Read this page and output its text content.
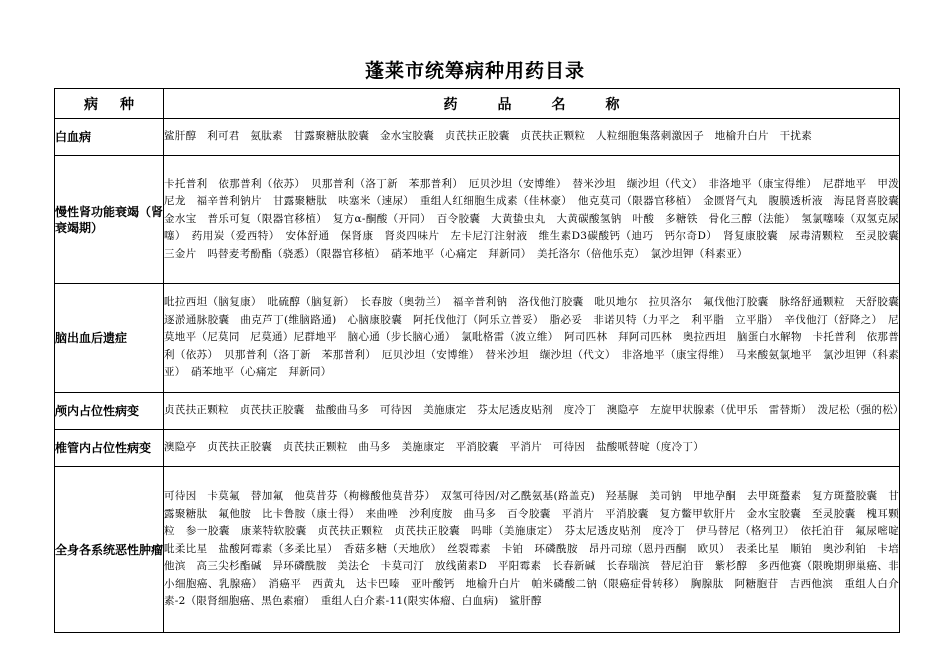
蓬莱市统筹病种用药目录
病种	药品名称
白血病	鲨肝醇　利可君　氨肽素　甘露聚糖肽胶囊　金水宝胶囊　贞芪扶正胶囊　贞芪扶正颗粒　人粒细胞集落刺激因子　地榆升白片　干扰素
慢性肾功能衰竭（肾衰竭期）	卡托普利　依那普利（依苏）　贝那普利（洛丁新　苯那普利）　厄贝沙坦（安博维）　替米沙坦　缬沙坦（代文）　非洛地平（康宝得维）　尼群地平　甲泼尼龙　福辛普利钠片　甘露聚糖肽　呋塞米（速尿）　重组人红细胞生成素（佳林豪）　他克莫司（限器官移植）　金匮肾气丸　腹膜透析液　海昆肾喜胶囊　金水宝　普乐可复（限器官移植）　复方α-酮酸（开同）　百令胶囊　大黄蛰虫丸　大黄碳酸氢钠　叶酸　多糖铁　骨化三醇（法能）　氢氯噻嗪（双氢克尿噻）　药用炭（爱西特）　安体舒通　保肾康　肾炎四味片　左卡尼汀注射液　维生素D3碳酸钙（迪巧　钙尔奇D）　肾复康胶囊　尿毒清颗粒　至灵胶囊　三金片　吗替麦考酚酯（骁悉）（限器官移植）　硝苯地平（心痛定　拜新同）　美托洛尔（倍他乐克）　氯沙坦钾（科素亚）
脑出血后遗症	吡拉西坦（脑复康）　吡硫醇（脑复新）　长春胺（奥勃兰）　福辛普利钠　洛伐他汀胶囊　吡贝地尔　拉贝洛尔　氟伐他汀胶囊　脉络舒通颗粒　天舒胶囊　逐淤通脉胶囊　曲克芦丁(维脑路通)　心脑康胶囊　阿托伐他汀（阿乐立普妥）　脂必妥　非诺贝特（力平之　利平脂　立平脂）　辛伐他汀（舒降之）　尼莫地平（尼莫同　尼莫通）尼群地平　脑心通（步长脑心通）　氯吡格雷（波立维）　阿司匹林　拜阿司匹林　奥拉西坦　脑蛋白水解物　卡托普利　依那普利（依苏）　贝那普利（洛丁新　苯那普利）　厄贝沙坦（安博维）　替米沙坦　缬沙坦（代文）　非洛地平（康宝得维）　马来酸氨氯地平　氯沙坦钾（科素亚）　硝苯地平（心痛定　拜新同）
颅内占位性病变	贞芪扶正颗粒　贞芪扶正胶囊　盐酸曲马多　可待因　美施康定　芬太尼透皮贴剂　度冷丁　澳隐亭　左旋甲状腺素（优甲乐　雷替斯）　泼尼松（强的松）
椎管内占位性病变	澳隐亭　贞芪扶正胶囊　贞芪扶正颗粒　曲马多　美施康定　平消胶囊　平消片　可待因　盐酸哌替啶（度冷丁）
全身各系统恶性肿瘤	可待因　卡莫氟　替加氟　他莫昔芬（枸橼酸他莫昔芬）　双氢可待因/对乙酰氨基(路盖克)　羟基脲　美司钠　甲地孕酮　去甲斑蝥素　复方斑蝥胶囊　甘露聚糖肽　氟他胺　比卡鲁胺（康士得）　来曲唑　沙利度胺　曲马多　百令胶囊　平消片　平消胶囊　复方鳖甲软肝片　金水宝胶囊　至灵胶囊　槐耳颗粒　参一胶囊　康莱特软胶囊　贞芪扶正颗粒　贞芪扶正胶囊　吗啡（美施康定）　芬太尼透皮贴剂　度冷丁　伊马替尼（格列卫）　依托泊苷　氟尿嘧啶　吡柔比星　盐酸阿霉素（多柔比星）　香菇多糖（天地欣）　丝裂霉素　卡铂　环磷酰胺　昂丹司琼（恩丹西酮　欧贝）　表柔比星　顺铂　奥沙利铂　卡培他滨　高三尖杉酯碱　异环磷酰胺　美法仑　卡莫司汀　放线菌素D　平阳霉素　长春新碱　长春瑞滨　替尼泊苷　紫杉醇　多西他赛（限晚期卵巢癌、非小细胞癌、乳腺癌）　消癌平　西黄丸　达卡巴嗪　亚叶酸钙　地榆升白片　帕米磷酸二钠（限癌症骨转移）　胸腺肽　阿糖胞苷　吉西他滨　重组人白介素-2（限肾细胞癌、黑色素瘤）　重组人白介素-11(限实体瘤、白血病)　鲨肝醇
